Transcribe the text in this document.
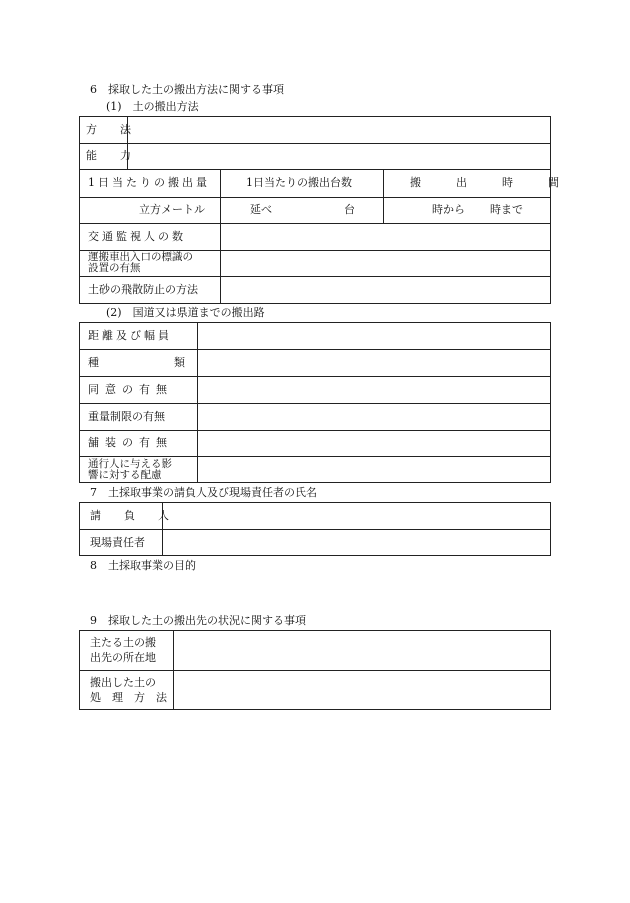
6　採取した土の搬出方法に関する事項
(1)　土の搬出方法
方　法
能　力
1日当たりの搬出量	1日当たりの搬出台数	搬　出　時　間
立方メートル	延べ	台	時から 時まで
交通監視人の数
運搬車出入口の標識の
設置の有無
土砂の飛散防止の方法
(2)　国道又は県道までの搬出路
距離及び幅員
種	類
同意の有無
重量制限の有無
舗装の有無
通行人に与える影
響に対する配慮
7　土採取事業の請負人及び現場責任者の氏名
請　負　人
現場責任者
8　土採取事業の目的
9　採取した土の搬出先の状況に関する事項
主たる土の搬
出先の所在地
搬出した土の
処　理　方　法
